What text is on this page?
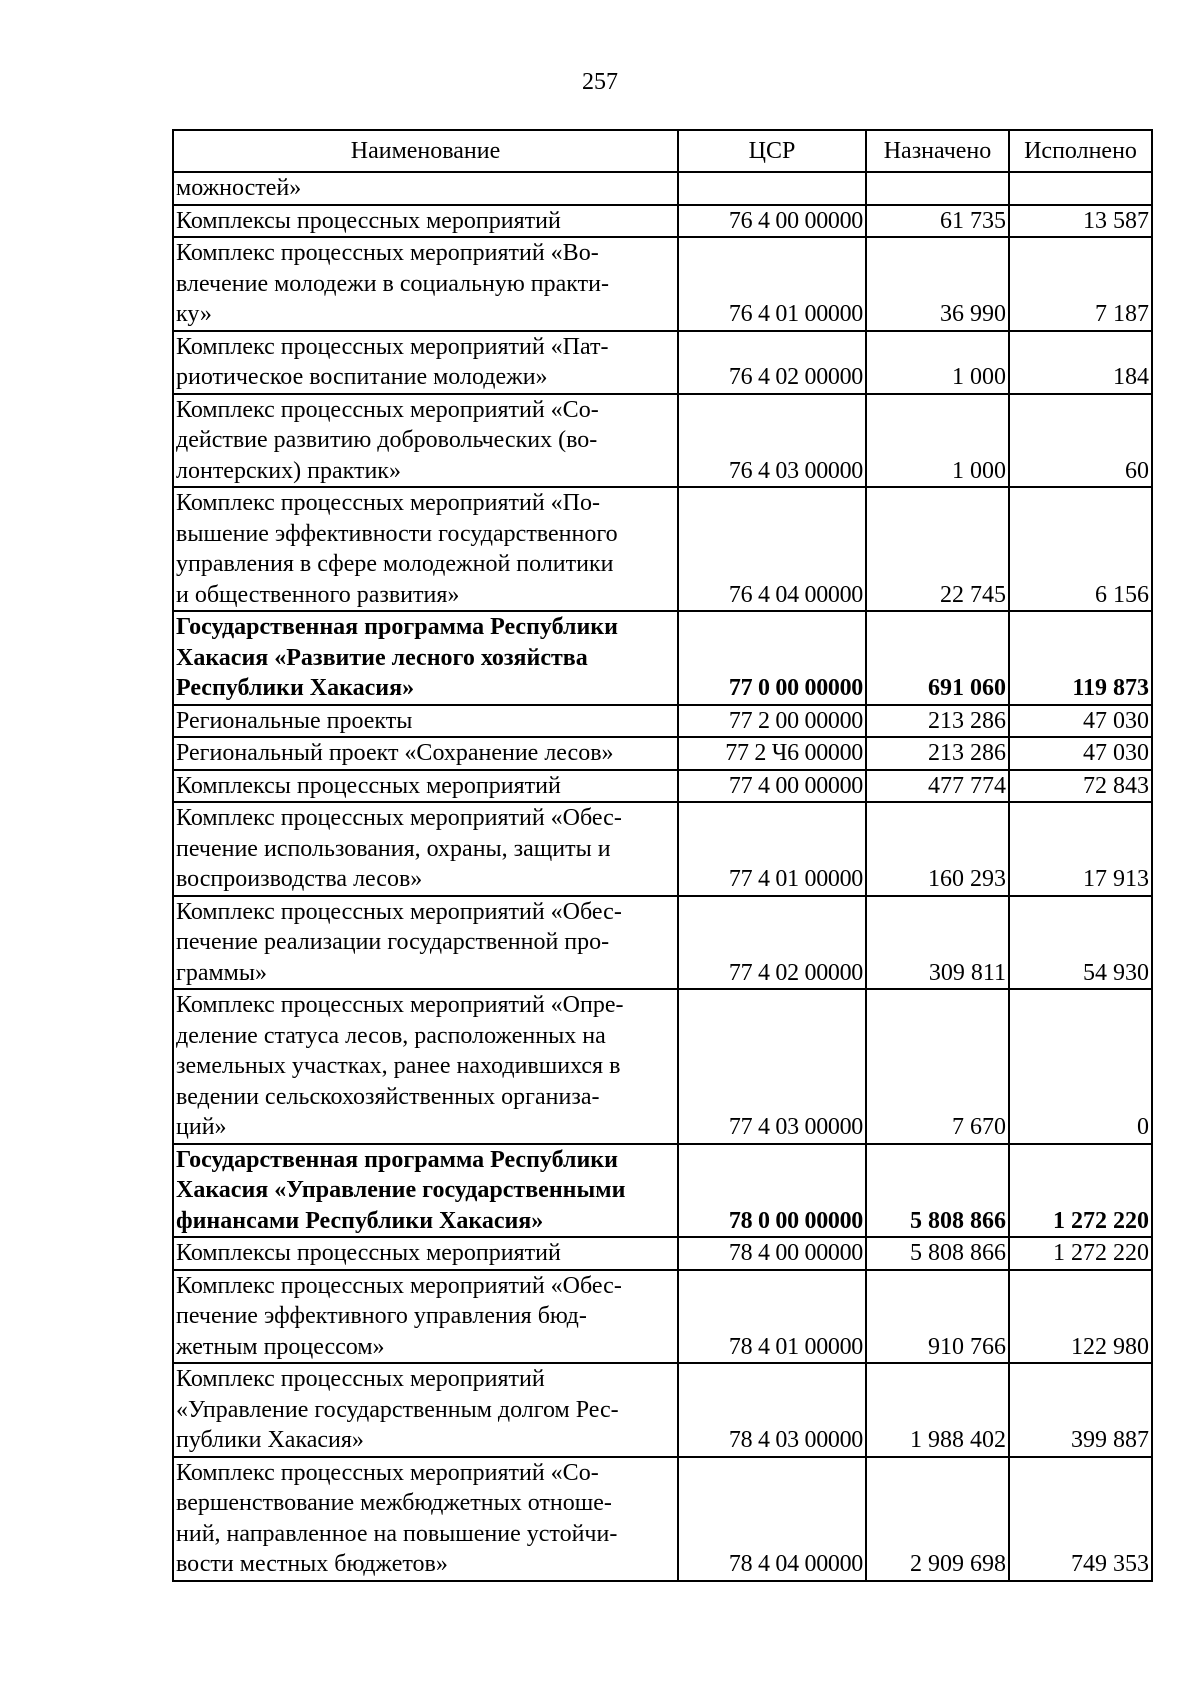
257
Наименование	ЦСР	Назначено	Исполнено
можностей»			
Комплексы процессных мероприятий	76 4 00 00000	61 735	13 587
Комплекс процессных мероприятий «Во-
влечение молодежи в социальную практи-
ку»	76 4 01 00000	36 990	7 187
Комплекс процессных мероприятий «Пат-
риотическое воспитание молодежи»	76 4 02 00000	1 000	184
Комплекс процессных мероприятий «Со-
действие развитию добровольческих (во-
лонтерских) практик»	76 4 03 00000	1 000	60
Комплекс процессных мероприятий «По-
вышение эффективности государственного
управления в сфере молодежной политики
и общественного развития»	76 4 04 00000	22 745	6 156
Государственная программа Республики
Хакасия «Развитие лесного хозяйства
Республики Хакасия»	77 0 00 00000	691 060	119 873
Региональные проекты	77 2 00 00000	213 286	47 030
Региональный проект «Сохранение лесов»	77 2 Ч6 00000	213 286	47 030
Комплексы процессных мероприятий	77 4 00 00000	477 774	72 843
Комплекс процессных мероприятий «Обес-
печение использования, охраны, защиты и
воспроизводства лесов»	77 4 01 00000	160 293	17 913
Комплекс процессных мероприятий «Обес-
печение реализации государственной про-
граммы»	77 4 02 00000	309 811	54 930
Комплекс процессных мероприятий «Опре-
деление статуса лесов, расположенных на
земельных участках, ранее находившихся в
ведении сельскохозяйственных организа-
ций»	77 4 03 00000	7 670	0
Государственная программа Республики
Хакасия «Управление государственными
финансами Республики Хакасия»	78 0 00 00000	5 808 866	1 272 220
Комплексы процессных мероприятий	78 4 00 00000	5 808 866	1 272 220
Комплекс процессных мероприятий «Обес-
печение эффективного управления бюд-
жетным процессом»	78 4 01 00000	910 766	122 980
Комплекс процессных мероприятий
«Управление государственным долгом Рес-
публики Хакасия»	78 4 03 00000	1 988 402	399 887
Комплекс процессных мероприятий «Со-
вершенствование межбюджетных отноше-
ний, направленное на повышение устойчи-
вости местных бюджетов»	78 4 04 00000	2 909 698	749 353
